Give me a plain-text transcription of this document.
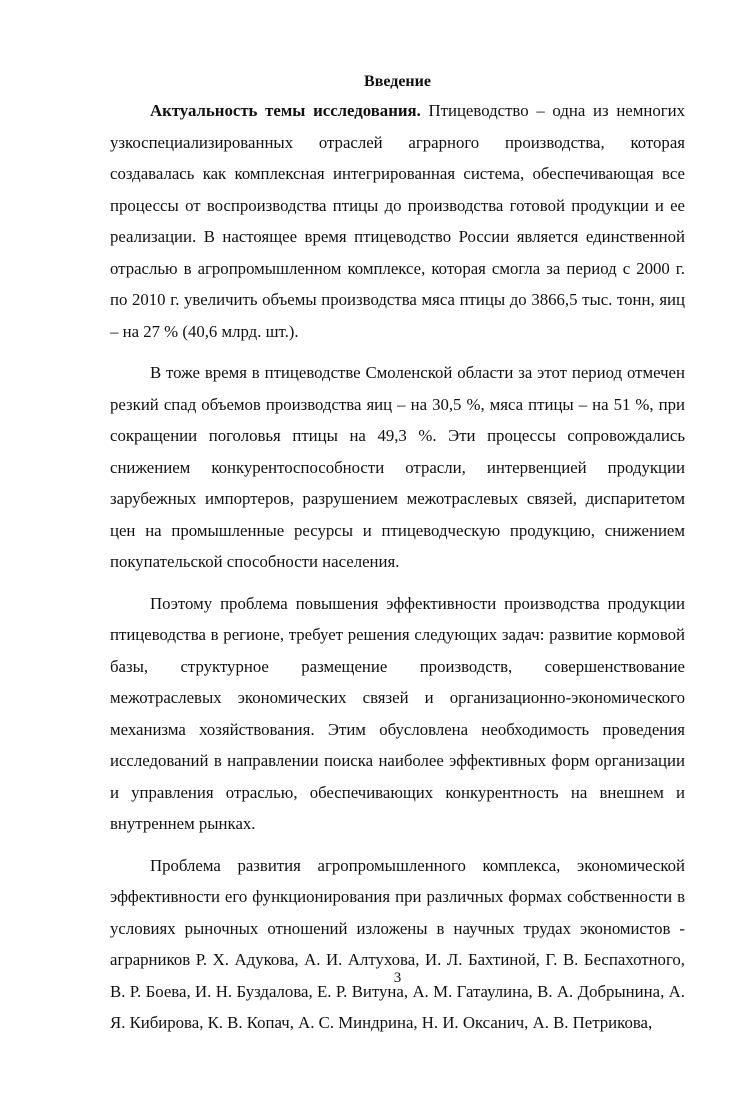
Введение

Актуальность темы исследования. Птицеводство – одна из немногих узкоспециализированных отраслей аграрного производства, которая создавалась как комплексная интегрированная система, обеспечивающая все процессы от воспроизводства птицы до производства готовой продукции и ее реализации. В настоящее время птицеводство России является единственной отраслью в агропромышленном комплексе, которая смогла за период с 2000 г. по 2010 г. увеличить объемы производства мяса птицы до 3866,5 тыс. тонн, яиц – на 27 % (40,6 млрд. шт.).

В тоже время в птицеводстве Смоленской области за этот период отмечен резкий спад объемов производства яиц – на 30,5 %, мяса птицы – на 51 %, при сокращении поголовья птицы на 49,3 %. Эти процессы сопровождались снижением конкурентоспособности отрасли, интервенцией продукции зарубежных импортеров, разрушением межотраслевых связей, диспаритетом цен на промышленные ресурсы и птицеводческую продукцию, снижением покупательской способности населения.

Поэтому проблема повышения эффективности производства продукции птицеводства в регионе, требует решения следующих задач: развитие кормовой базы, структурное размещение производств, совершенствование межотраслевых экономических связей и организационно-экономического механизма хозяйствования. Этим обусловлена необходимость проведения исследований в направлении поиска наиболее эффективных форм организации и управления отраслью, обеспечивающих конкурентность на внешнем и внутреннем рынках.

Проблема развития агропромышленного комплекса, экономической эффективности его функционирования при различных формах собственности в условиях рыночных отношений изложены в научных трудах экономистов - аграрников Р. Х. Адукова, А. И. Алтухова, И. Л. Бахтиной, Г. В. Беспахотного, В. Р. Боева, И. Н. Буздалова, Е. Р. Витуна, А. М. Гатаулина, В. А. Добрынина, А. Я. Кибирова, К. В. Копач, А. С. Миндрина, Н. И. Оксанич, А. В. Петрикова,

3
